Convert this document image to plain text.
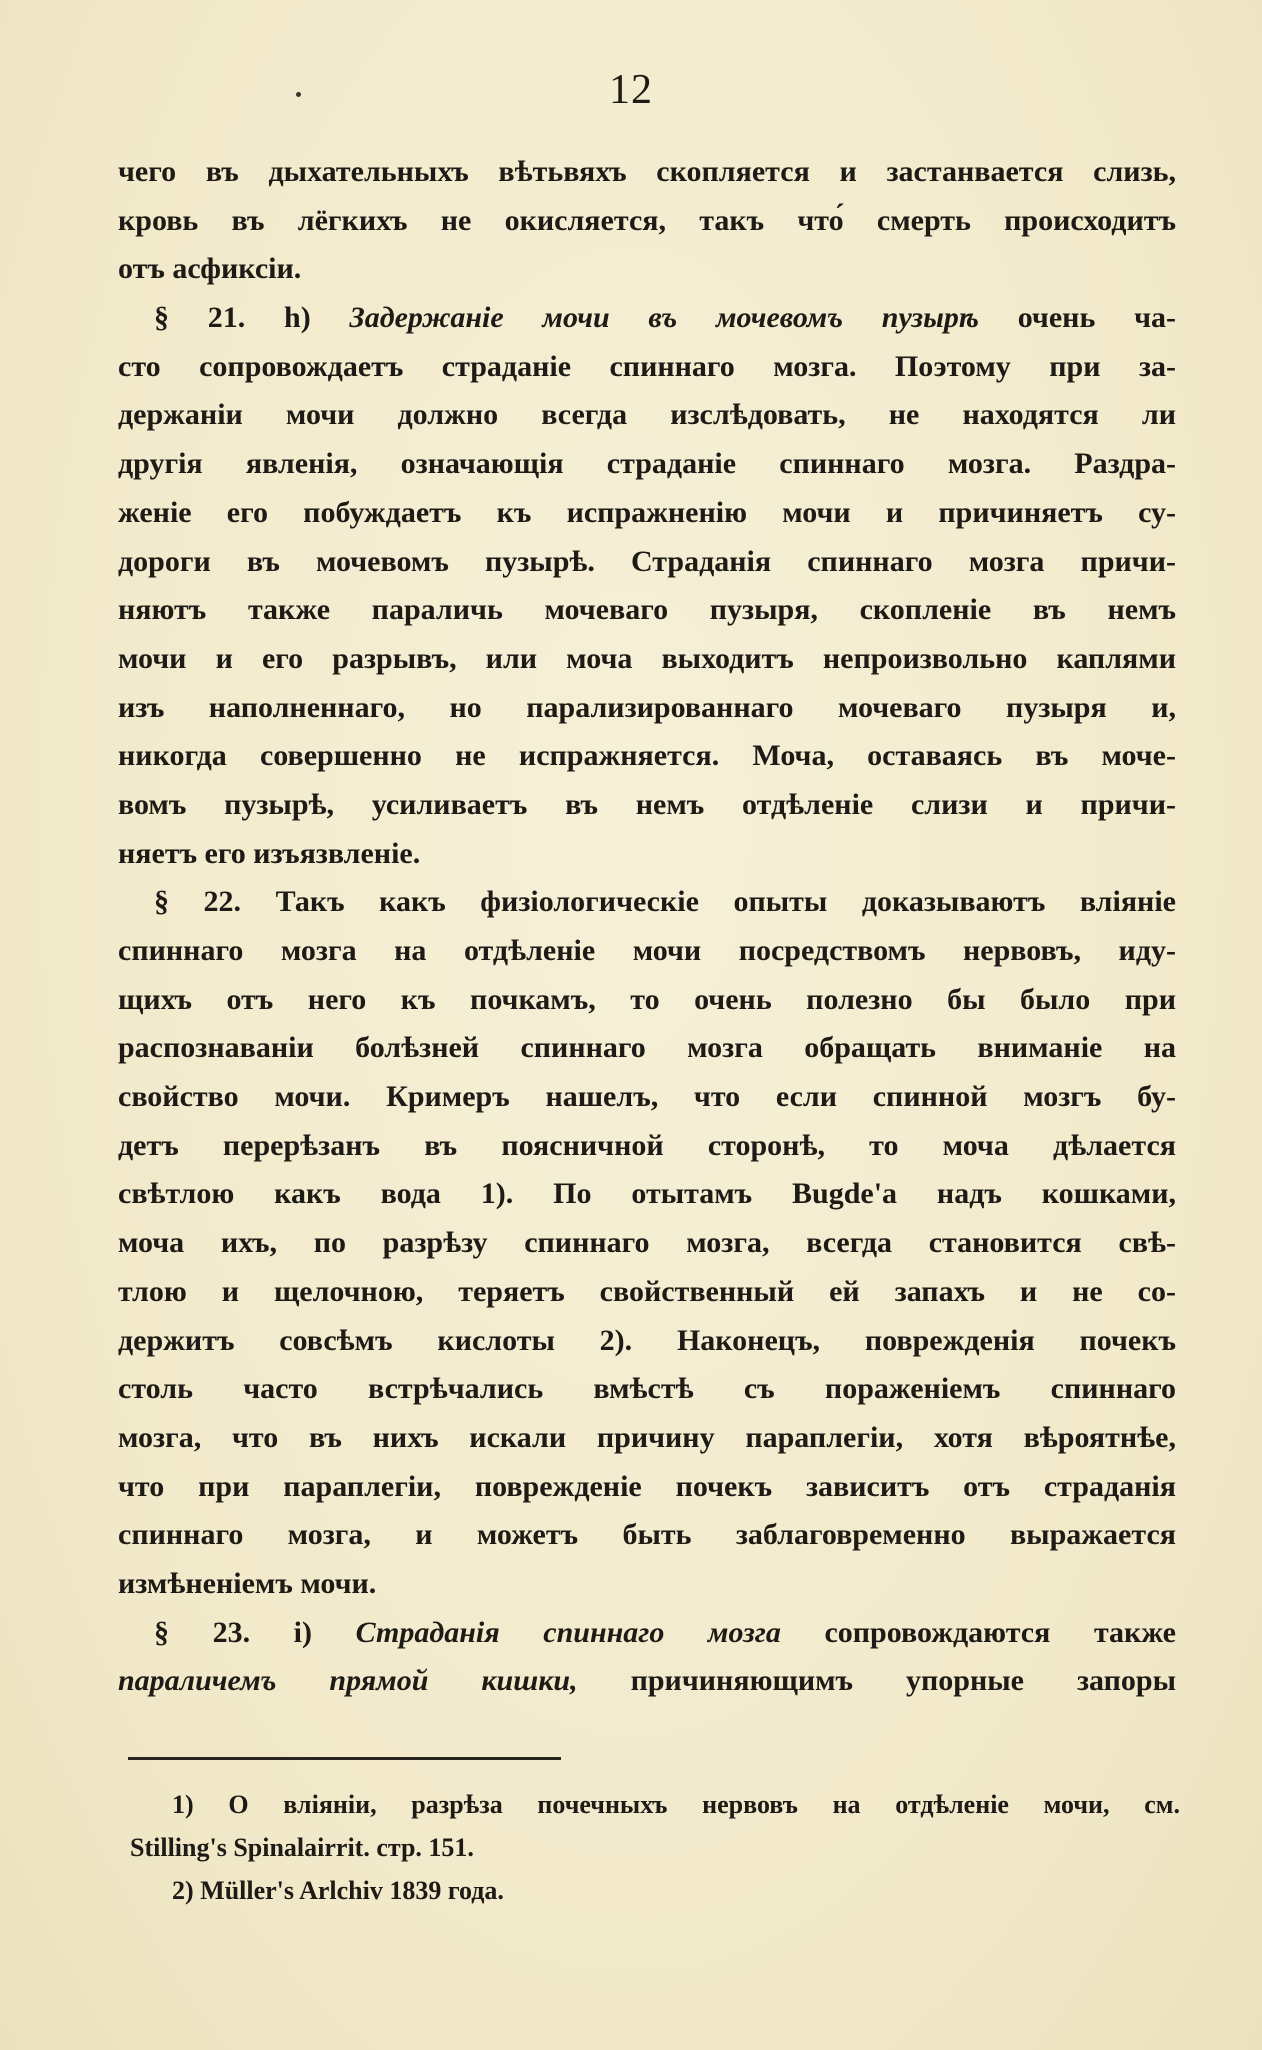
12
чего въ дыхательныхъ вѣтьвяхъ скопляется и застанвается слизь,
кровь въ лёгкихъ не окисляется, такъ что́ смерть происходитъ
отъ асфиксіи.
§ 21. h) Задержаніе мочи въ мочевомъ пузырѣ очень ча-
сто сопровождаетъ страданіе спиннаго мозга. Поэтому при за-
держаніи мочи должно всегда изслѣдовать, не находятся ли
другія явленія, означающія страданіе спиннаго мозга. Раздра-
женіе его побуждаетъ къ испражненію мочи и причиняетъ су-
дороги въ мочевомъ пузырѣ. Страданія спиннаго мозга причи-
няютъ также параличь мочеваго пузыря, скопленіе въ немъ
мочи и его разрывъ, или моча выходитъ непроизвольно каплями
изъ наполненнаго, но парализированнаго мочеваго пузыря и,
никогда совершенно не испражняется. Моча, оставаясь въ моче-
вомъ пузырѣ, усиливаетъ въ немъ отдѣленіе слизи и причи-
няетъ его изъязвленіе.
§ 22. Такъ какъ физіологическіе опыты доказываютъ вліяніе
спиннаго мозга на отдѣленіе мочи посредствомъ нервовъ, иду-
щихъ отъ него къ почкамъ, то очень полезно бы было при
распознаваніи болѣзней спиннаго мозга обращать вниманіе на
свойство мочи. Кримеръ нашелъ, что если спинной мозгъ бу-
детъ перерѣзанъ въ поясничной сторонѣ, то моча дѣлается
свѣтлою какъ вода 1). По отытамъ Bugde'a надъ кошками,
моча ихъ, по разрѣзу спиннаго мозга, всегда становится свѣ-
тлою и щелочною, теряетъ свойственный ей запахъ и не со-
держитъ совсѣмъ кислоты 2). Наконецъ, поврежденія почекъ
столь часто встрѣчались вмѣстѣ съ пораженіемъ спиннаго
мозга, что въ нихъ искали причину параплегіи, хотя вѣроятнѣе,
что при параплегіи, поврежденіе почекъ зависитъ отъ страданія
спиннаго мозга, и можетъ быть заблаговременно выражается
измѣненіемъ мочи.
§ 23. i) Страданія спиннаго мозга сопровождаются также
параличемъ прямой кишки, причиняющимъ упорные запоры
1) О вліяніи, разрѣза почечныхъ нервовъ на отдѣленіе мочи, см.
Stilling's Spinalairrit. стр. 151.
2) Müller's Arlchiv 1839 года.
